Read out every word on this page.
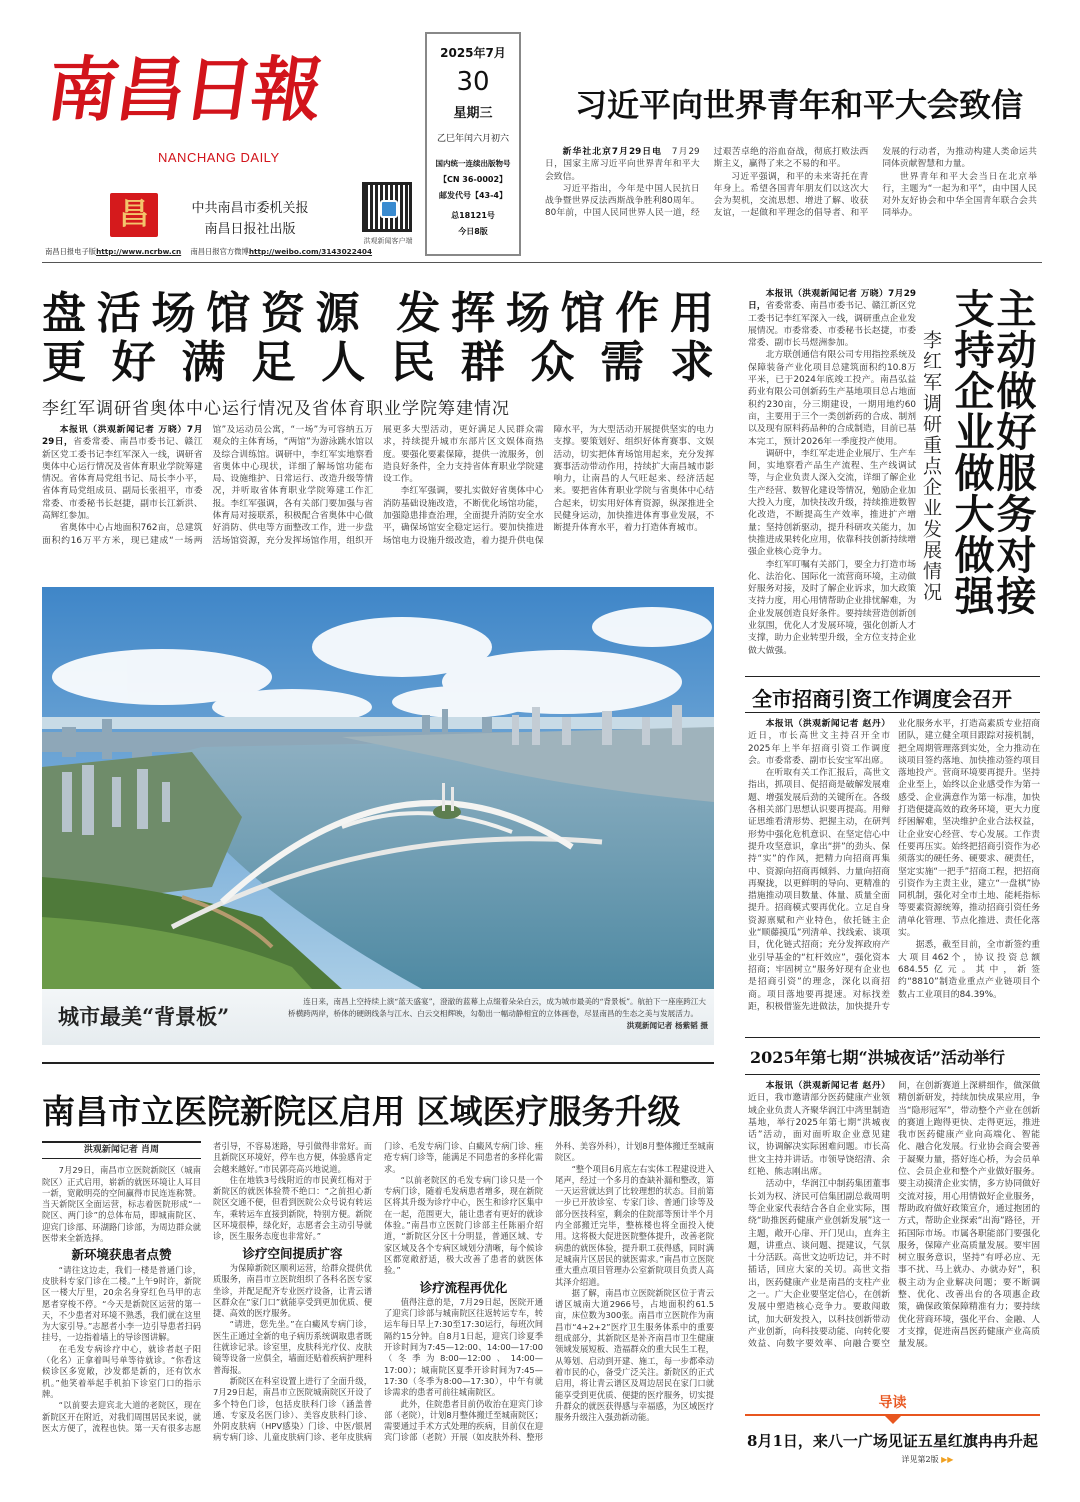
南昌日報
NANCHANG DAILY
昌	中共南昌市委机关报
南昌日报社出版
洪观新闻客户端
南昌日报电子版http://www.ncrbw.cn 南昌日报官方微博http://weibo.com/3143022404
2025年7月
30
星期三
乙巳年闰六月初六
国内统一连续出版物号
【CN 36-0002】
邮发代号【43-4】
总18121号
今日8版
习近平向世界青年和平大会致信

新华社北京7月29日电　7月29日，国家主席习近平向世界青年和平大会致信。

习近平指出，今年是中国人民抗日战争暨世界反法西斯战争胜利80周年。80年前，中国人民同世界人民一道，经过艰苦卓绝的浴血奋战，彻底打败法西斯主义，赢得了来之不易的和平。

习近平强调，和平的未来寄托在青年身上。希望各国青年朋友们以这次大会为契机，交流思想、增进了解、收获友谊，一起做和平理念的倡导者、和平发展的行动者，为推动构建人类命运共同体贡献智慧和力量。

世界青年和平大会当日在北京举行，主题为“一起为和平”，由中国人民对外友好协会和中华全国青年联合会共同举办。

盘活场馆资源 发挥场馆作用
更好满足人民群众需求
李红军调研省奥体中心运行情况及省体育职业学院筹建情况

本报讯（洪观新闻记者 万晓）7月29日，省委常委、南昌市委书记、赣江新区党工委书记李红军深入一线，调研省奥体中心运行情况及省体育职业学院筹建情况。省体育局党组书记、局长李小平，省体育局党组成员、副局长张祖平，市委常委、市委秘书长赵捷，副市长江新洪、高辉红参加。

省奥体中心占地面积762亩，总建筑面积约16万平方米，现已建成“一场两馆”及运动员公寓，“一场”为可容纳五万观众的主体育场，“两馆”为游泳跳水馆以及综合训练馆。调研中，李红军实地察看省奥体中心现状，详细了解场馆功能布局、设施维护、日常运行、改造升级等情况，并听取省体育职业学院筹建工作汇报。李红军强调，各有关部门要加强与省体育局对接联系，积极配合省奥体中心做好消防、供电等方面整改工作，进一步盘活场馆资源，充分发挥场馆作用，组织开展更多大型活动，更好满足人民群众需求，持续提升城市东部片区文娱体商热度。要强化要素保障，提供一流服务，创造良好条件，全力支持省体育职业学院建设工作。

李红军强调，要扎实做好省奥体中心消防基础设施改造，不断优化场馆功能，加强隐患排查治理，全面提升消防安全水平，确保场馆安全稳定运行。要加快推进场馆电力设施升级改造，着力提升供电保障水平，为大型活动开展提供坚实的电力支撑。要策划好、组织好体育赛事、文娱活动，切实把体育场馆用起来，充分发挥赛事活动带动作用，持续扩大南昌城市影响力，让南昌的人气旺起来、经济活起来。要把省体育职业学院与省奥体中心结合起来，切实用好体育资源，纵深推进全民健身运动，加快推进体育事业发展，不断提升体育水平，着力打造体育城市。

本报讯（洪观新闻记者 万晓）7月29日，省委常委、南昌市委书记、赣江新区党工委书记李红军深入一线，调研重点企业发展情况。市委常委、市委秘书长赵捷，市委常委、副市长马煜洲参加。

北方联创通信有限公司专用指控系统及保障装备产业化项目总建筑面积约10.8万平米，已于2024年底竣工投产。南昌弘益药业有限公司创新药生产基地项目总占地面积约230亩，分三期建设，一期用地约60亩，主要用于三个一类创新药的合成、制剂以及现有原料药品种的合成制造，目前已基本完工，预计2026年一季度投产使用。

调研中，李红军走进企业展厅、生产车间，实地察看产品生产流程、生产线调试等，与企业负责人深入交流，详细了解企业生产经营、数智化建设等情况，勉励企业加大投入力度，加快技改升级，持续推进数智化改造，不断提高生产效率，推进扩产增量；坚持创新驱动，提升科研攻关能力，加快推进成果转化应用，依靠科技创新持续增强企业核心竞争力。

李红军叮嘱有关部门，要全力打造市场化、法治化、国际化一流营商环境，主动做好服务对接，及时了解企业诉求，加大政策支持力度，用心用情帮助企业排忧解难，为企业发展创造良好条件。要持续营造创新创业氛围，优化人才发展环境，强化创新人才支撑，助力企业转型升级，全方位支持企业做大做强。

李红军调研重点企业发展情况 主动做好服务对接
支持企业做大做强
城市最美“背景板”
连日来，南昌上空持续上演“蓝天盛宴”，澄澈的蓝幕上点缀着朵朵白云，成为城市最美的“背景板”。航拍下一座座跨江大桥横跨两岸，桥体的硬朗线条与江水、白云交相辉映，勾勒出一幅动静相宜的立体画卷，尽显南昌的生态之美与发展活力。
洪观新闻记者 杨紫韬 摄
全市招商引资工作调度会召开

本报讯（洪观新闻记者 赵丹）近日，市长高世文主持召开全市2025年上半年招商引资工作调度会。市委常委、副市长安宝军出席。

在听取有关工作汇报后，高世文指出，抓项目、促招商是破解发展难题、增强发展后劲的关键所在。各级各相关部门思想认识要再提高。用辩证思维看清形势、把握主动，在研判形势中强化危机意识、在坚定信心中提升攻坚意识，拿出“拼”的劲头、保持“实”的作风，把精力向招商再集中、资源向招商再倾斜、力量向招商再聚拢，以更鲜明的导向、更精准的措施推动项目数量、体量、质量全面提升。招商模式要再优化。立足自身资源禀赋和产业特色，依托链主企业“顺藤摸瓜”列清单、找线索、谈项目，优化链式招商；充分发挥政府产业引导基金的“杠杆效应”，强化资本招商；牢固树立“服务好现有企业也是招商引资”的理念，深化以商招商。项目落地要再提速。对标找差距，积极借鉴先进做法，加快提升专业化服务水平，打造高素质专业招商团队，建立健全项目跟踪对接机制，把全周期管理落到实处，全力推动在谈项目签约落地、加快推动签约项目落地投产。营商环境要再提升。坚持企业至上，始终以企业感受作为第一感受、企业满意作为第一标准，加快打造便捷高效的政务环境，更大力度纾困解难，坚决维护企业合法权益，让企业安心经营、专心发展。工作责任要再压实。始终把招商引资作为必须落实的硬任务、硬要求、硬责任，坚定实施“一把手”招商工程，把招商引资作为主责主业，建立“一盘棋”协同机制，强化对全市土地、能耗指标等要素资源统筹，推动招商引资任务清单化管理、节点化推进、责任化落实。

据悉，截至目前，全市新签约重大项目462个，协议投资总额684.55亿元。其中，新签约“8810”制造业重点产业链项目个数占工业项目的84.39%。

2025年第七期“洪城夜话”活动举行

本报讯（洪观新闻记者 赵丹）近日，我市邀请部分医药健康产业领域企业负责人齐聚华润江中湾里制造基地，举行2025年第七期“洪城夜话”活动，面对面听取企业意见建议，协调解决实际困难问题。市长高世文主持并讲话。市领导饶绍清、余红艳、熊志刚出席。

活动中，华润江中制药集团董事长刘为权、济民可信集团副总裁周明等企业家代表结合各自企业实际，围绕“助推医药健康产业创新发展”这一主题，敞开心扉、开门见山，直奔主题，讲重点、谈问题、提建议，气氛十分活跃。高世文边听边记，并不时插话，回应大家的关切。高世文指出，医药健康产业是南昌的支柱产业之一。广大企业要坚定信心，在创新发展中塑造核心竞争力。要敢闯敢试，加大研发投入，以科技创新带动产业创新，向科技要动能、向转化要效益、向数字要效率、向融合要空间，在创新赛道上深耕细作，做深做精创新研发，持续加快成果应用，争当“隐形冠军”，带动整个产业在创新的赛道上跑得更快、走得更远，推进我市医药健康产业向高端化、智能化、融合化发展。行业协会商会要善于凝聚力量，搭好连心桥，为会员单位、会员企业和整个产业做好服务。要主动摸清企业实情，多方协同做好交流对接，用心用情做好企业服务，帮助政府做好政策宣介，通过抱团的方式，帮助企业探索“出海”路径，开拓国际市场。市属各职能部门要强化服务，保障产业高质量发展。要牢固树立服务意识，坚持“有呼必应、无事不扰、马上就办、办就办好”，积极主动为企业解决问题；要不断调整、优化、改善出台的各项惠企政策，确保政策保障精准有力；要持续优化营商环境，强化平台、金融、人才支撑，促进南昌医药健康产业高质量发展。

南昌市立医院新院区启用 区域医疗服务升级
洪观新闻记者 肖周

7月29日，南昌市立医院新院区（城南院区）正式启用，崭新的就医环境让人耳目一新，宽敞明亮的空间赢得市民连连称赞。当天新院区全面运营，标志着医院形成“一院区、两门诊”的总体布局，即城南院区、迎宾门诊部、环湖路门诊部，为周边群众就医带来全新选择。

新环境获患者点赞

“请往这边走，我们一楼是普通门诊，皮肤科专家门诊在二楼。”上午9时许，新院区一楼大厅里，20余名身穿红色马甲的志愿者穿梭不停。“今天是新院区运营的第一天，不少患者对环境不熟悉，我们就在这里为大家引导。”志愿者小李一边引导患者扫码挂号，一边指着墙上的导诊图讲解。

在毛发专病诊疗中心，就诊者赵子阳（化名）正拿着叫号单等待就诊。“你看这候诊区多宽敞，沙发都是新的，还有饮水机。”他笑着举起手机拍下诊室门口的指示牌。

“以前要去迎宾北大道的老院区，现在新院区开在附近，对我们周围居民来说，就医太方便了，流程也快。第一天有很多志愿者引导，不容易迷路，导引做得非常好。而且新院区环境好，停车也方便，体验感肯定会越来越好。”市民郭亮高兴地说道。

住在地铁3号线附近的市民黄红梅对于新院区的就医体验赞不绝口：“之前担心新院区交通不便，但看到医院公众号说有转运车，乘转运车直接到新院，特别方便。新院区环境很棒，绿化好，志愿者会主动引导就诊，医生服务态度也非常好。”

诊疗空间提质扩容

为保障新院区顺利运营，给群众提供优质服务，南昌市立医院组织了各科名医专家坐诊，并配足配齐专业医疗设备，让青云谱区群众在“家门口”就能享受到更加优质、便捷、高效的医疗服务。

“请进，您先坐。”在白癜风专病门诊，医生正通过全新的电子病历系统调取患者既往就诊记录。诊室里，皮肤科光疗仪、皮肤镜等设备一应俱全，墙面还贴着疾病护理科普海报。

新院区在科室设置上进行了全面升级，7月29日起，南昌市立医院城南院区开设了多个特色门诊，包括皮肤科门诊（涵盖普通、专家及名医门诊）、美容皮肤科门诊、外阴皮肤病（HPV感染）门诊、中医/银屑病专病门诊、儿童皮肤病门诊、老年皮肤病门诊、毛发专病门诊、白癜风专病门诊、痤疮专病门诊等，能满足不同患者的多样化需求。

“以前老院区的毛发专病门诊只是一个专病门诊，随着毛发病患者增多，现在新院区将其升级为诊疗中心，医生和诊疗区集中在一起，范围更大，能让患者有更好的就诊体验。”南昌市立医院门诊部主任陈丽介绍道，“新院区分区十分明显，普通区域、专家区域及各个专病区域划分清晰，每个候诊区都宽敞舒适，极大改善了患者的就医体验。”

诊疗流程再优化

值得注意的是，7月29日起，医院开通了迎宾门诊部与城南院区往返转运专车，转运车每日早上7:30至17:30运行，每班次间隔约15分钟。自8月1日起，迎宾门诊夏季开诊时间为7:45—12:00、14:00—17:00（冬季为8:00—12:00、14:00—17:00）；城南院区夏季开诊时间为7:45—17:30（冬季为8:00—17:30），中午有就诊需求的患者可前往城南院区。

此外，住院患者目前仍收治在迎宾门诊部（老院），计划8月整体搬迁至城南院区；需要通过手术方式处理的疾病，目前仅在迎宾门诊部（老院）开展（如皮肤外科、整形外科、美容外科），计划8月整体搬迁至城南院区。

“整个项目6月底左右实体工程建设进入尾声，经过一个多月的查缺补漏和整改，第一天运营就达到了比较理想的状态。目前第一步已开放诊室、专家门诊、普通门诊等及部分医技科室，剩余的住院部等预计半个月内全部搬迁完毕，整栋楼也将全面投入使用。这将极大促进医院整体提升，改善老院病患的就医体验，提升职工获得感，同时满足城南片区居民的就医需求。”南昌市立医院重大重点项目管理办公室新院项目负责人高其泽介绍道。

据了解，南昌市立医院新院区位于青云谱区城南大道2966号，占地面积约61.5亩，床位数为300张。南昌市立医院作为南昌市“4+2+2”医疗卫生服务体系中的重要组成部分，其新院区是补齐南昌市卫生健康领域发展短板、造福群众的重大民生工程，从筹划、启动到开建、施工，每一步都牵动着市民的心，备受广泛关注。新院区的正式启用，将让青云谱区及周边居民在家门口就能享受到更优质、便捷的医疗服务，切实提升群众的就医获得感与幸福感，为区域医疗服务升级注入强劲新动能。

导读
8月1日，来八一广场见证五星红旗冉冉升起
详见第2版 ▶▶
